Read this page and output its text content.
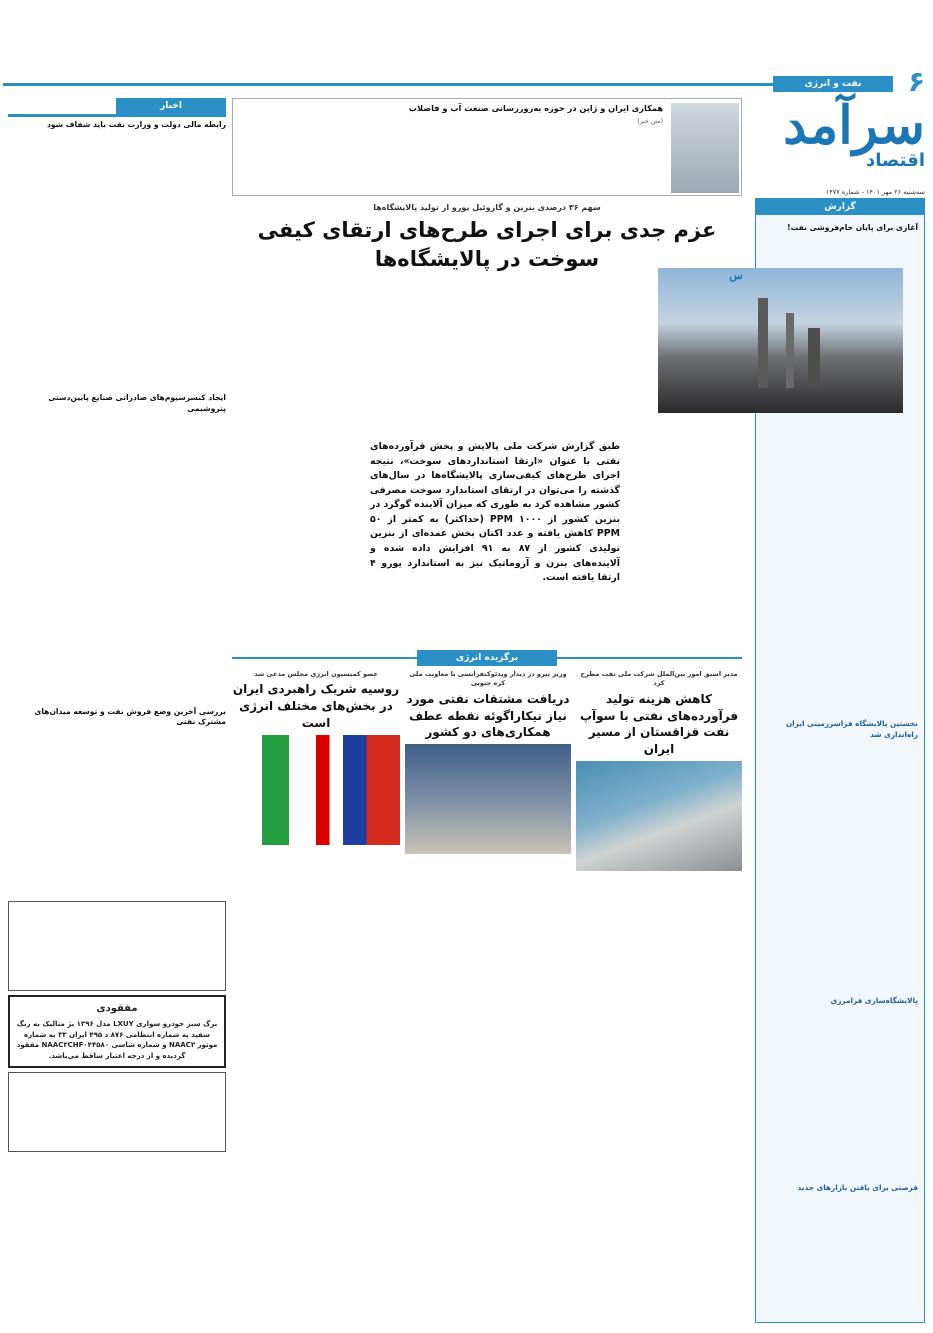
۶
نفت و انرژی
سرآمد
اقتصاد
سه‌شنبه ۲۶ مهر ۱۴۰۱ - شماره ۱۴۷۷
همکاری ایران و ژاپن در حوزه به‌روزرسانی صنعت آب و فاضلاب

(متن خبر)

گزارش
آغازی برای پایان خام‌فروشی نفت!
نخستین پالایشگاه فراسرزمینی ایران راه‌اندازی شد
پالایشگاه‌سازی فرامرزی
فرصتی برای یافتن بازارهای جدید
اخبار
رابطه مالی دولت و وزارت نفت باید شفاف شود
ایجاد کنسرسیوم‌های صادراتی صنایع پایین‌دستی پتروشیمی
بررسی آخرین وضع فروش نفت و توسعه میدان‌های مشترک نفتی
مفقودی
برگ سبز خودرو سواری LXUY مدل ۱۳۹۶ بژ متالیک به رنگ سفید به شماره انتظامی ۸۷۶ د ۴۹۵ ایران ۳۳ به شماره موتور NAAC۳ و شماره شاسی NAAC۳CHF۰۴۴۵۸۰ مفقود گردیده و از درجه اعتبار ساقط می‌باشد.
سهم ۳۶ درصدی بنزین و گازوئیل یورو از تولید پالایشگاه‌ها
عزم جدی برای اجرای طرح‌های ارتقای کیفی سوخت در پالایشگاه‌ها
س
طبق گزارش شرکت ملی پالایش و پخش فرآورده‌های نفتی با عنوان «ارتقا استانداردهای سوخت»، نتیجه اجرای طرح‌های کیفی‌سازی پالایشگاه‌ها در سال‌های گذشته را می‌توان در ارتقای استاندارد سوخت مصرفی کشور مشاهده کرد به طوری که میزان آلاینده گوگرد در بنزین کشور از ۱۰۰۰ PPM (حداکثر) به کمتر از ۵۰ PPM کاهش یافته و عدد اکتان بخش عمده‌ای از بنزین تولیدی کشور از ۸۷ به ۹۱ افزایش داده شده و آلاینده‌های بنزن و آروماتیک نیز به استاندارد یورو ۴ ارتقا یافته است.
برگزیده انرژی
مدیر اسبق امور بین‌الملل شرکت ملی نفت مطرح کرد
کاهش هزینه تولید فرآورده‌های نفتی با سوآپ نفت قزاقستان از مسیر ایران
وزیر نیرو در دیدار ویدئوکنفرانسی با معاونت ملی کره جنوبی
دریافت مشتقات نفتی مورد نیاز نیکاراگوئه نقطه عطف همکاری‌های دو کشور
عضو کمیسیون انرژی مجلس مدعی شد
روسیه شریک راهبردی ایران در بخش‌های مختلف انرژی است
